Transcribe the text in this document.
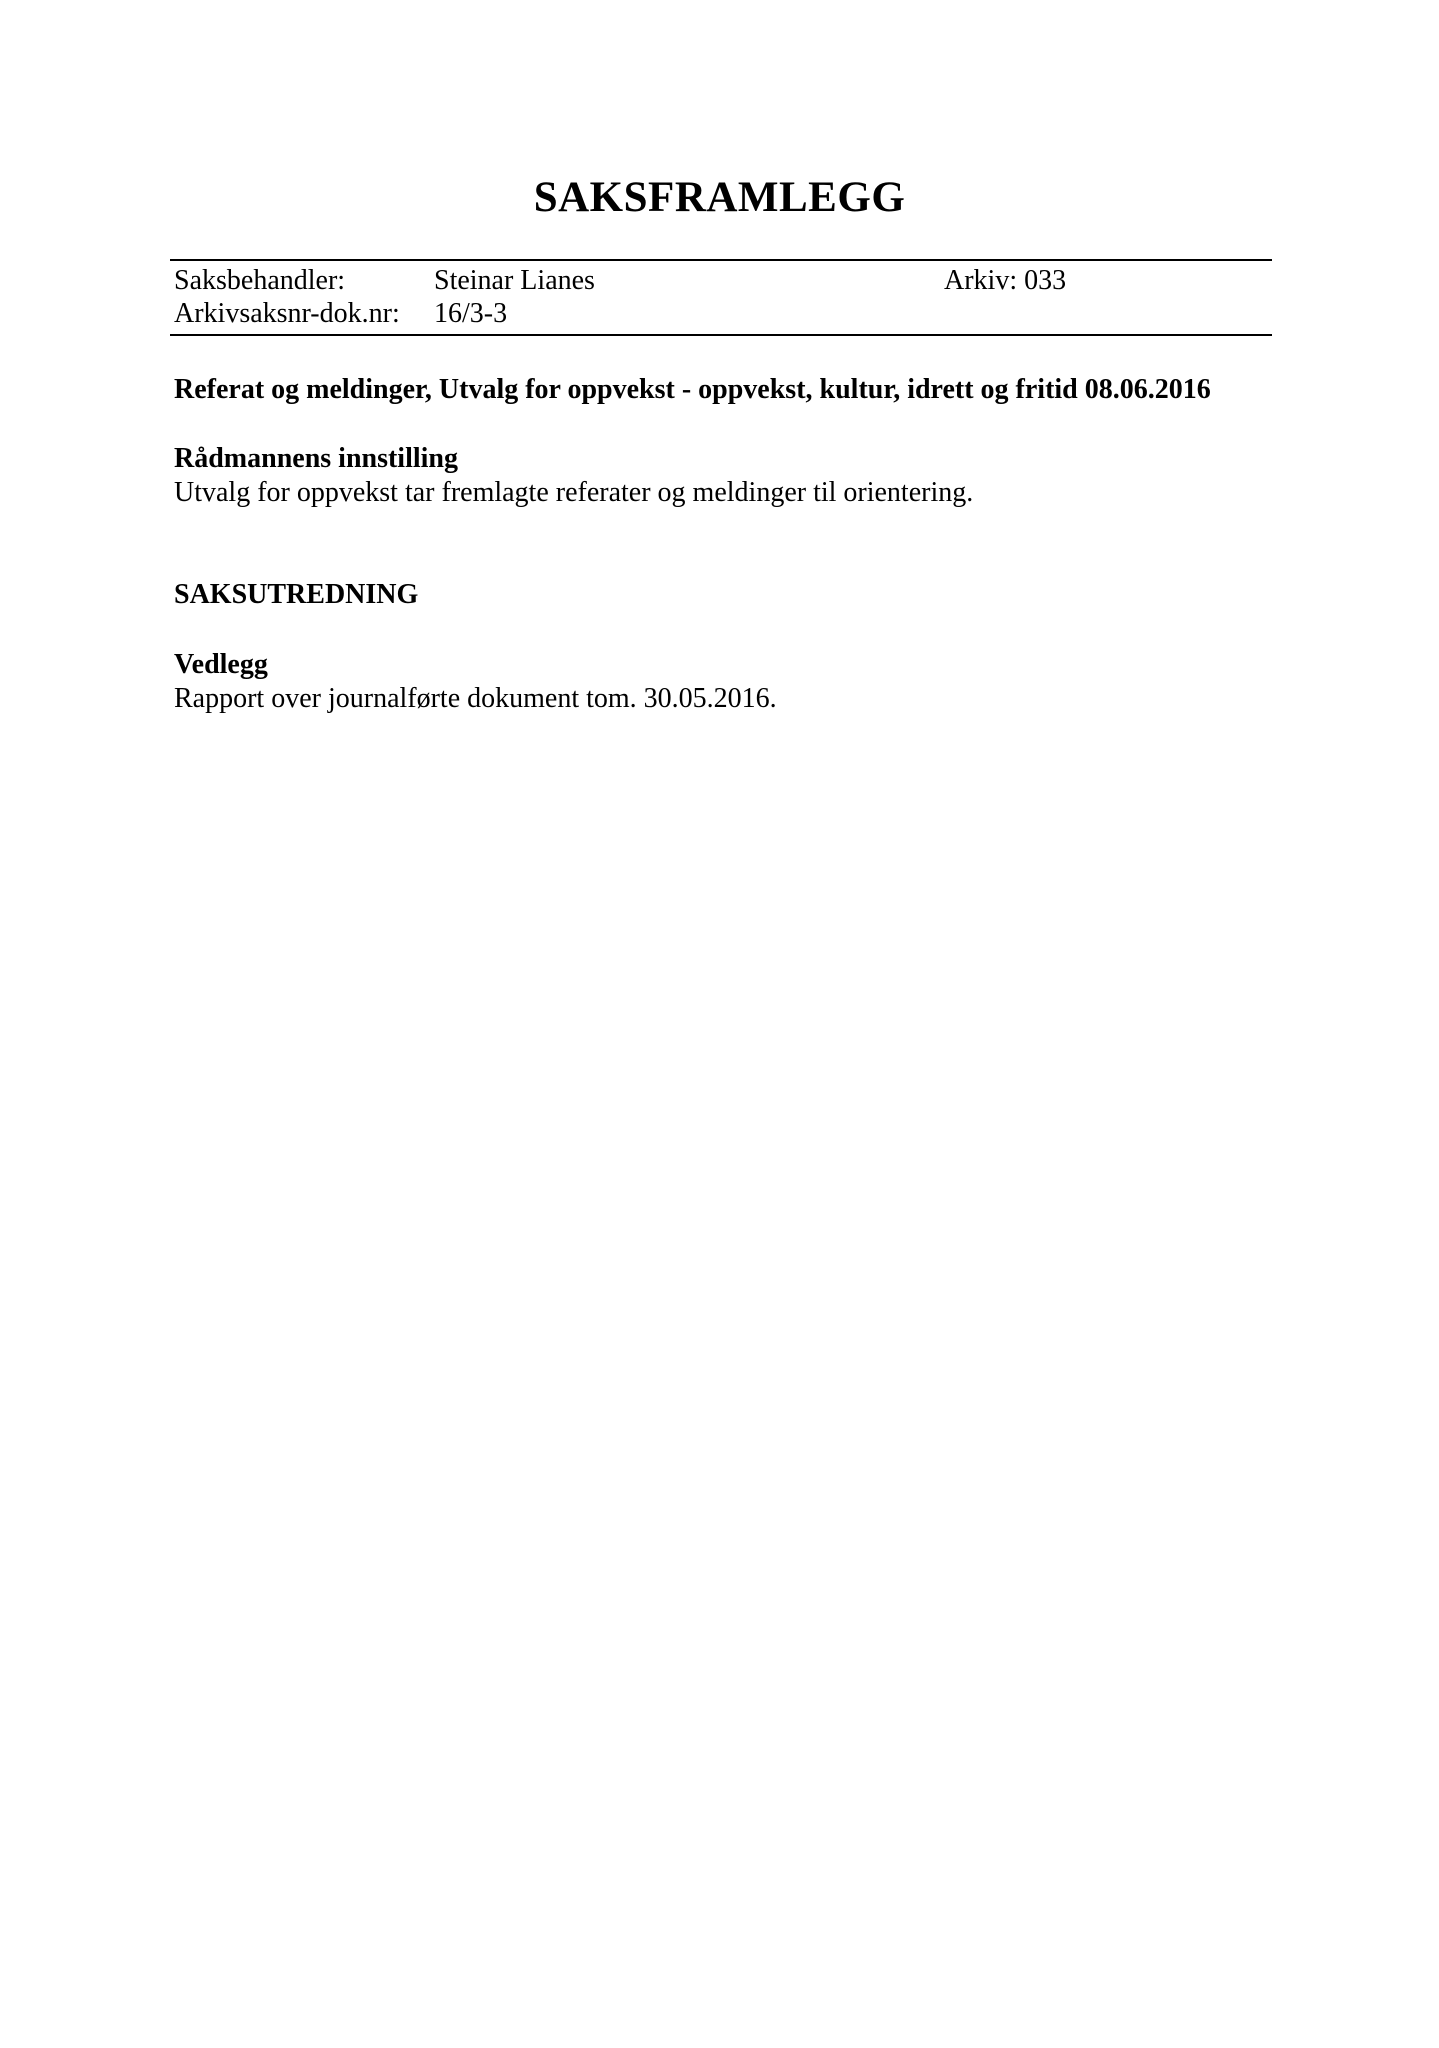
SAKSFRAMLEGG
Saksbehandler:	Steinar Lianes	Arkiv: 033
Arkivsaksnr-dok.nr: 16/3-3
Referat og meldinger, Utvalg for oppvekst - oppvekst, kultur, idrett og fritid 08.06.2016
Rådmannens innstilling
Utvalg for oppvekst tar fremlagte referater og meldinger til orientering.
SAKSUTREDNING
Vedlegg
Rapport over journalførte dokument tom. 30.05.2016.
